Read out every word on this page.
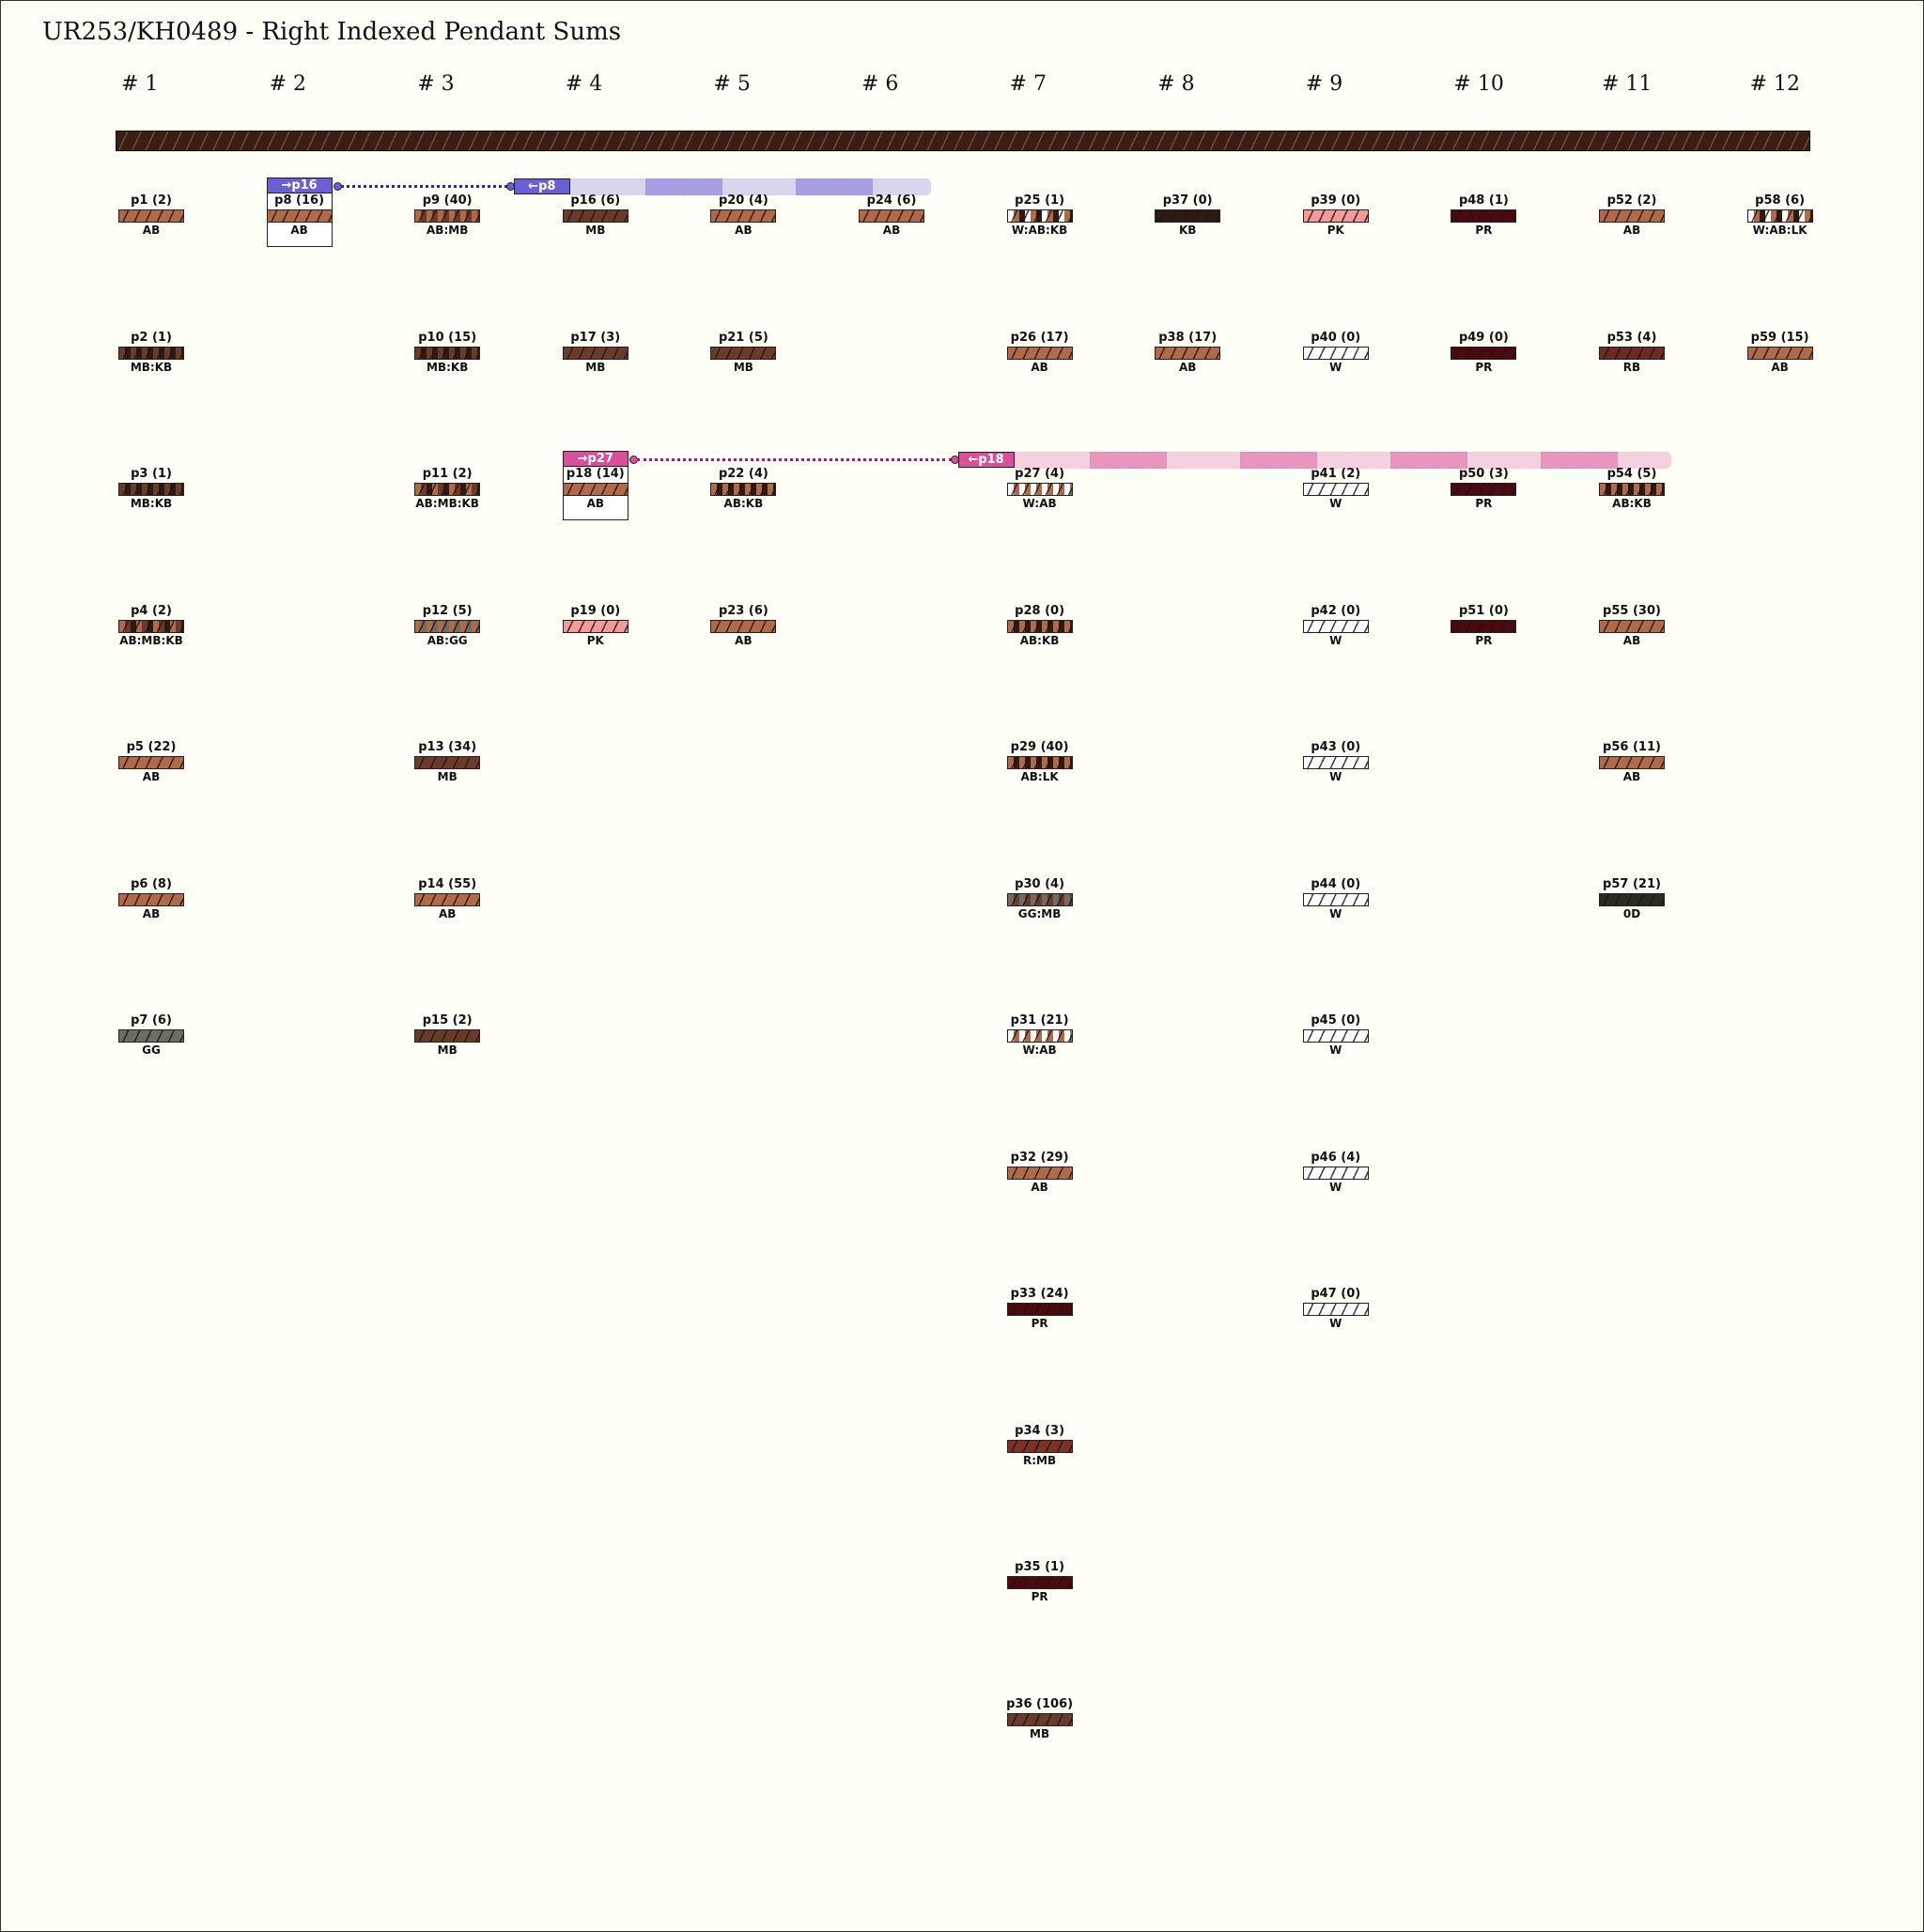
UR253/KH0489 - Right Indexed Pendant Sums
# 1	# 2	# 3	# 4	# 5	# 6	# 7	# 8	# 9	# 10	# 11	# 12
←p8
←p18
p1 (2)
AB
p2 (1)
MB:KB
p3 (1)
MB:KB
p4 (2)
AB:MB:KB
p5 (22)
AB
p6 (8)
AB
p7 (6)
GG
p8 (16)
AB
→p16
p9 (40)
AB:MB
p10 (15)
MB:KB
p11 (2)
AB:MB:KB
p12 (5)
AB:GG
p13 (34)
MB
p14 (55)
AB
p15 (2)
MB
p16 (6)
MB
p17 (3)
MB
p18 (14)
AB
→p27
p19 (0)
PK
p20 (4)
AB
p21 (5)
MB
p22 (4)
AB:KB
p23 (6)
AB
p24 (6)
AB
p25 (1)
W:AB:KB
p26 (17)
AB
p27 (4)
W:AB
p28 (0)
AB:KB
p29 (40)
AB:LK
p30 (4)
GG:MB
p31 (21)
W:AB
p32 (29)
AB
p33 (24)
PR
p34 (3)
R:MB
p35 (1)
PR
p36 (106)
MB
p37 (0)
KB
p38 (17)
AB
p39 (0)
PK
p40 (0)
W
p41 (2)
W
p42 (0)
W
p43 (0)
W
p44 (0)
W
p45 (0)
W
p46 (4)
W
p47 (0)
W
p48 (1)
PR
p49 (0)
PR
p50 (3)
PR
p51 (0)
PR
p52 (2)
AB
p53 (4)
RB
p54 (5)
AB:KB
p55 (30)
AB
p56 (11)
AB
p57 (21)
0D
p58 (6)
W:AB:LK
p59 (15)
AB
